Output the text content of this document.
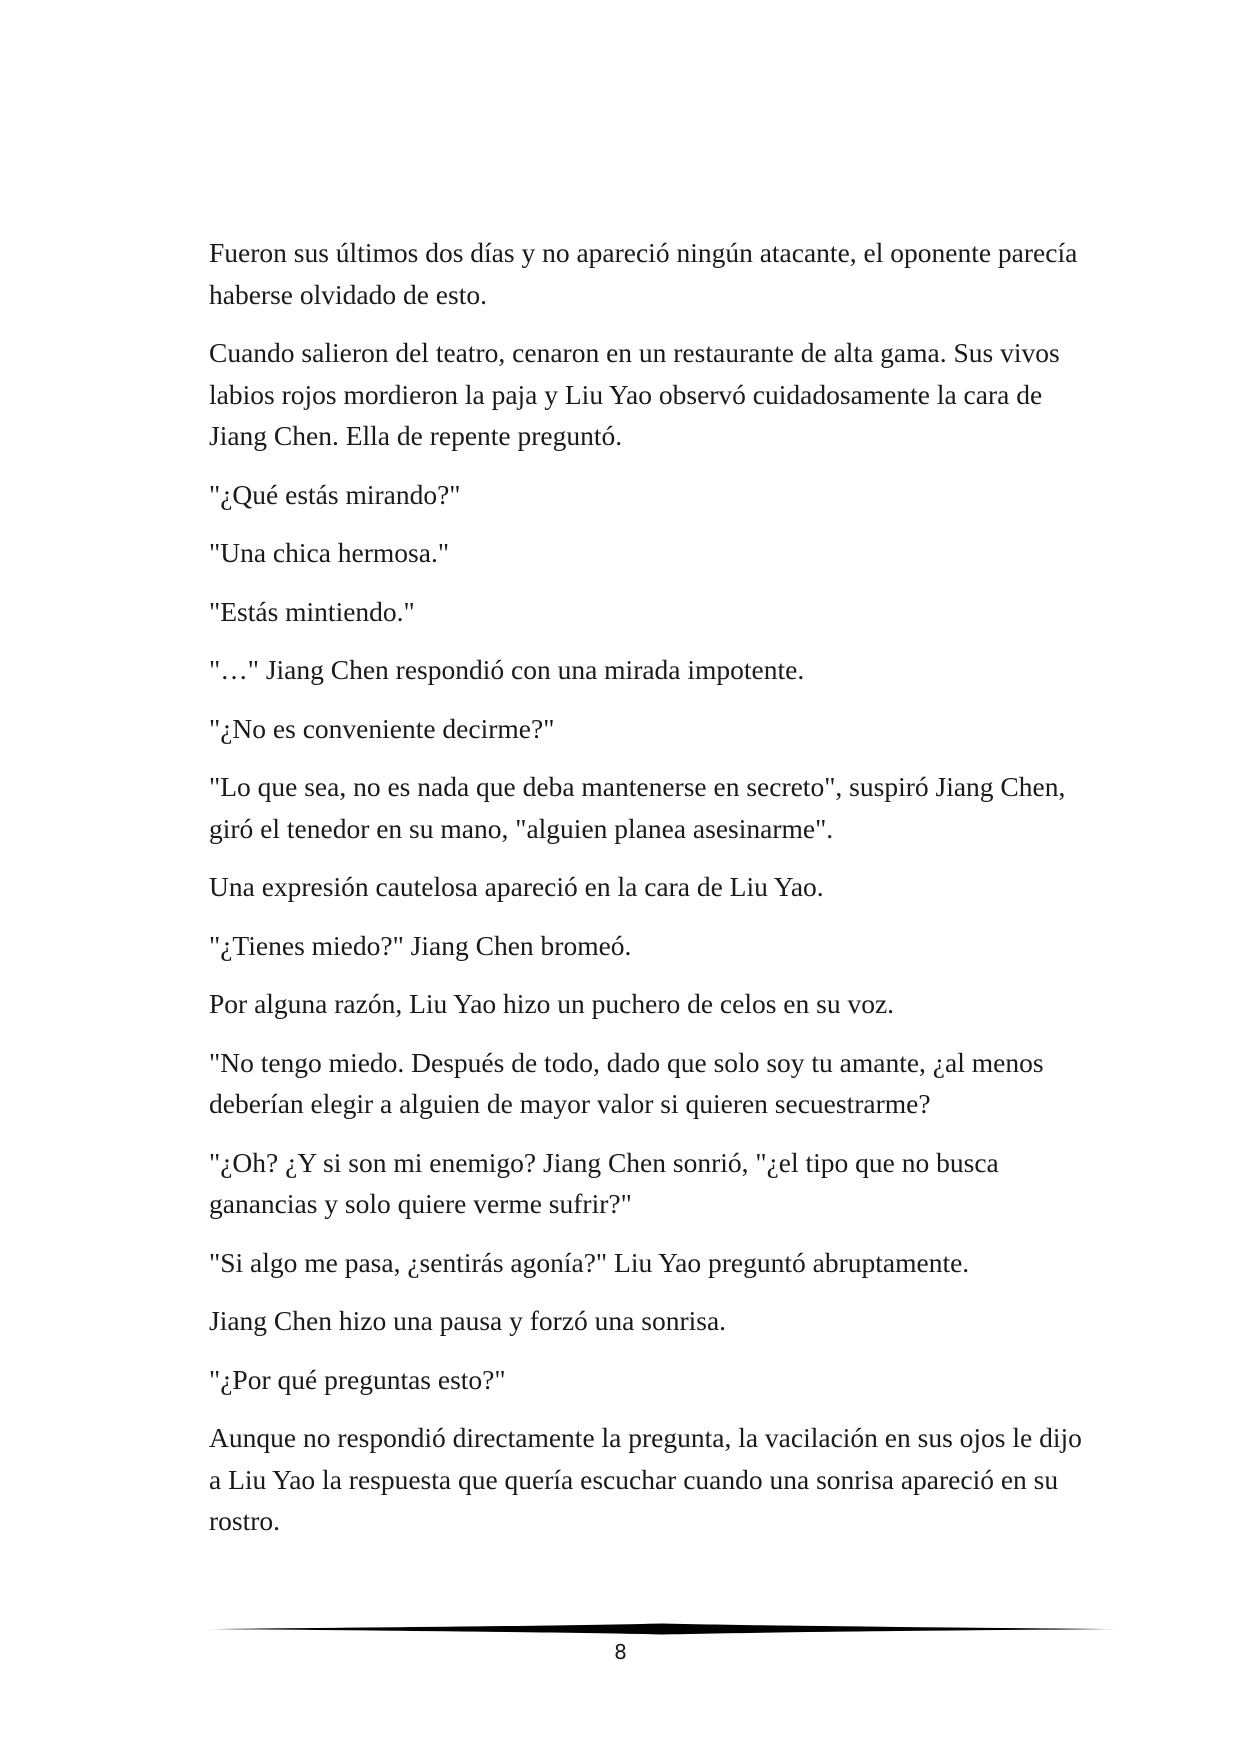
Fueron sus últimos dos días y no apareció ningún atacante, el oponente parecía haberse olvidado de esto.

Cuando salieron del teatro, cenaron en un restaurante de alta gama. Sus vivos labios rojos mordieron la paja y Liu Yao observó cuidadosamente la cara de Jiang Chen. Ella de repente preguntó.

"¿Qué estás mirando?"

"Una chica hermosa."

"Estás mintiendo."

"…" Jiang Chen respondió con una mirada impotente.

"¿No es conveniente decirme?"

"Lo que sea, no es nada que deba mantenerse en secreto", suspiró Jiang Chen, giró el tenedor en su mano, "alguien planea asesinarme".

Una expresión cautelosa apareció en la cara de Liu Yao.

"¿Tienes miedo?" Jiang Chen bromeó.

Por alguna razón, Liu Yao hizo un puchero de celos en su voz.

"No tengo miedo. Después de todo, dado que solo soy tu amante, ¿al menos deberían elegir a alguien de mayor valor si quieren secuestrarme?

"¿Oh? ¿Y si son mi enemigo? Jiang Chen sonrió, "¿el tipo que no busca ganancias y solo quiere verme sufrir?"

"Si algo me pasa, ¿sentirás agonía?" Liu Yao preguntó abruptamente.

Jiang Chen hizo una pausa y forzó una sonrisa.

"¿Por qué preguntas esto?"

Aunque no respondió directamente la pregunta, la vacilación en sus ojos le dijo a Liu Yao la respuesta que quería escuchar cuando una sonrisa apareció en su rostro.

8
